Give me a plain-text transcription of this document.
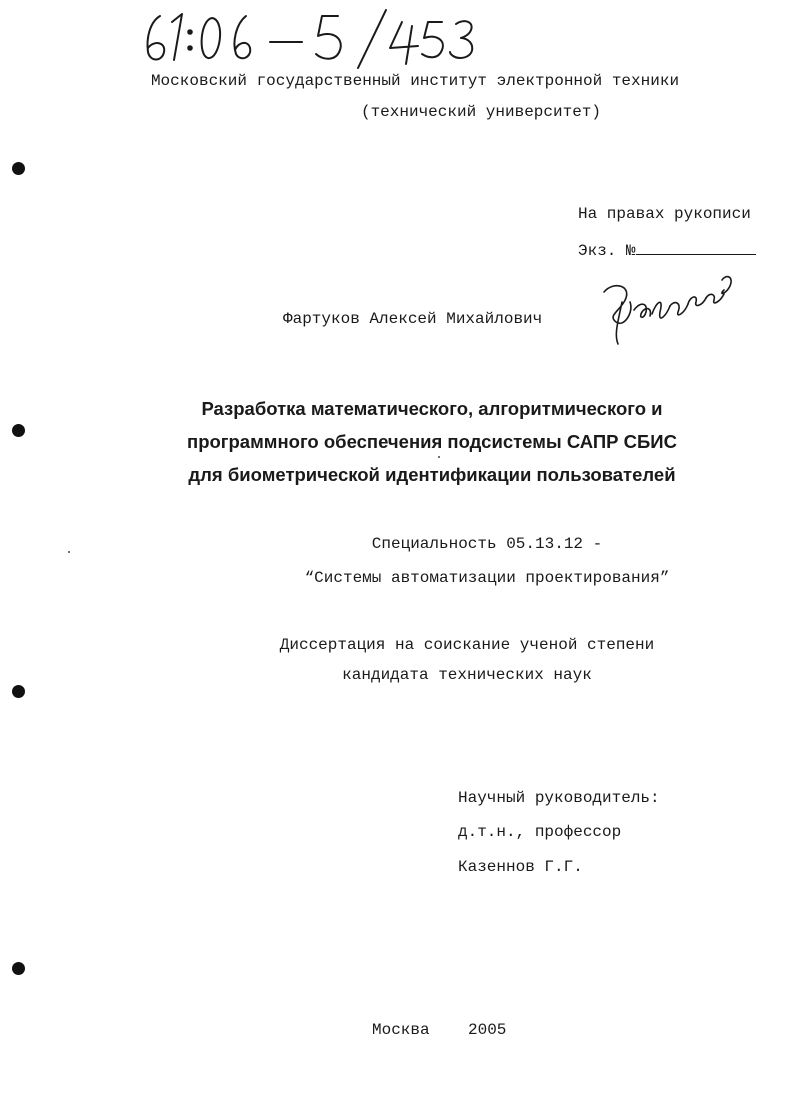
Московский государственный институт электронной техники
(технический университет)
На правах рукописи
Экз. №
Фартуков Алексей Михайлович
Разработка математического, алгоритмического и
программного обеспечения подсистемы САПР СБИС
для биометрической идентификации пользователей
Специальность 05.13.12 -
“Системы автоматизации проектирования”
Диссертация на соискание ученой степени
кандидата технических наук
Научный руководитель:
д.т.н., профессор
Казеннов Г.Г.
Москва 2005
